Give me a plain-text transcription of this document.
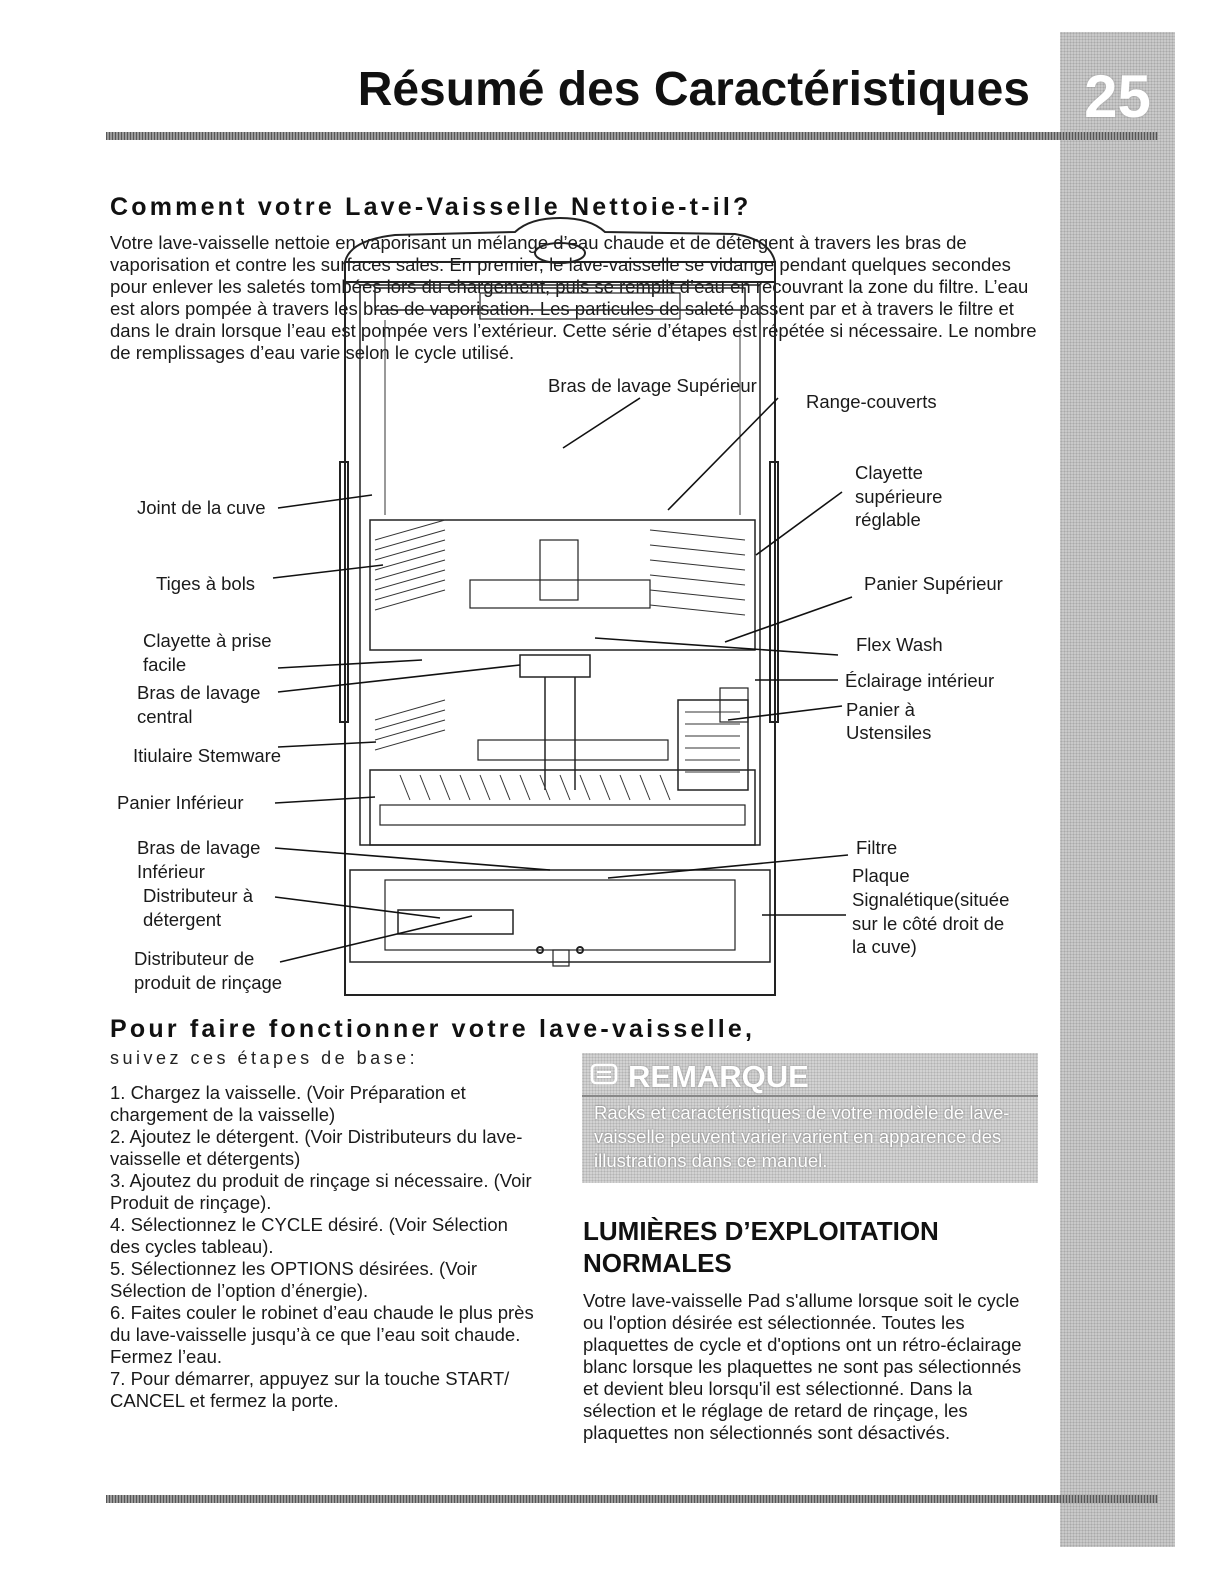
25
Résumé des Caractéristiques
Comment votre Lave-Vaisselle Nettoie-t-il?
Votre lave-vaisselle nettoie en vaporisant un mélange d’eau chaude et de détergent à travers les bras de vaporisation et contre les surfaces sales. En premier, le lave-vaisselle se vidange pendant quelques secondes pour enlever les saletés tombées lors du chargement, puis se remplit d’eau en recouvrant la zone du filtre. L’eau est alors pompée à travers les bras de vaporisation. Les particules de saleté passent par et à travers le filtre et dans le drain lorsque l’eau est pompée vers l’extérieur. Cette série d’étapes est répétée si nécessaire. Le nombre de remplissages d’eau varie selon le cycle utilisé.
Bras de lavage Supérieur
Range-couverts
Clayette
supérieure
réglable
Panier Supérieur
Flex Wash
Éclairage intérieur
Panier à
Ustensiles
Filtre
Plaque
Signalétique(située
sur le côté droit de
la cuve)
Joint de la cuve
Tiges à bols
Clayette à prise
facile
Bras de lavage
central
Itiulaire Stemware
Panier Inférieur
Bras de lavage
Inférieur
Distributeur à
détergent
Distributeur de
produit de rinçage
Pour faire fonctionner votre lave-vaisselle,
suivez ces étapes de base:
1. Chargez la vaisselle. (Voir Préparation et chargement de la vaisselle)
2. Ajoutez le détergent. (Voir Distributeurs du lave-vaisselle et détergents)
3. Ajoutez du produit de rinçage si nécessaire. (Voir Produit de rinçage).
4. Sélectionnez le CYCLE désiré. (Voir Sélection des cycles tableau).
5. Sélectionnez les OPTIONS désirées. (Voir Sélection de l’option d’énergie).
6. Faites couler le robinet d’eau chaude le plus près du lave-vaisselle jusqu’à ce que l’eau soit chaude. Fermez l’eau.
7. Pour démarrer, appuyez sur la touche START/ CANCEL et fermez la porte.
REMARQUE
Racks et caractéristiques de votre modèle de lave-vaisselle peuvent varier varient en apparence des illustrations dans ce manuel.
LUMIÈRES D’EXPLOITATION NORMALES
Votre lave-vaisselle Pad s'allume lorsque soit le cycle ou l'option désirée est sélectionnée. Toutes les plaquettes de cycle et d'options ont un rétro-éclairage blanc lorsque les plaquettes ne sont pas sélectionnés et devient bleu lorsqu'il est sélectionné. Dans la sélection et le réglage de retard de rinçage, les plaquettes non sélectionnés sont désactivés.
